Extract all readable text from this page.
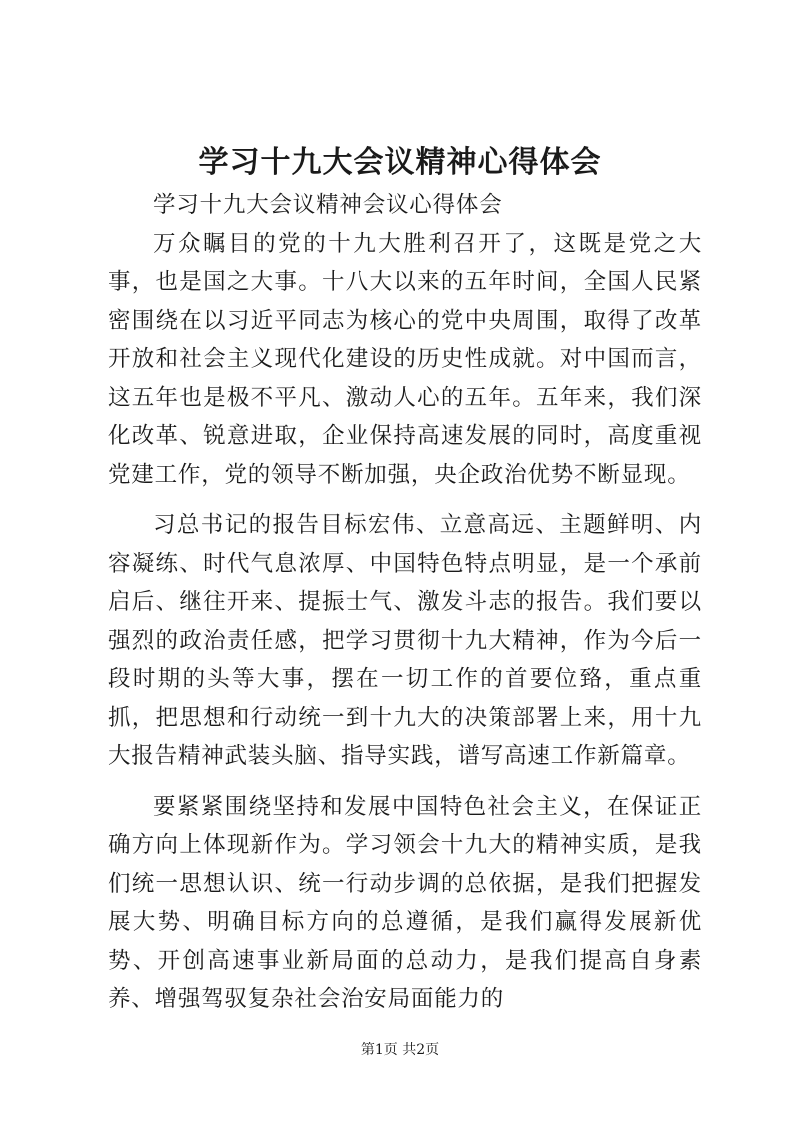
学习十九大会议精神心得体会

学习十九大会议精神会议心得体会

万众瞩目的党的十九大胜利召开了，这既是党之大事，也是国之大事。十八大以来的五年时间，全国人民紧密围绕在以习近平同志为核心的党中央周围，取得了改革开放和社会主义现代化建设的历史性成就。对中国而言，这五年也是极不平凡、激动人心的五年。五年来，我们深化改革、锐意进取，企业保持高速发展的同时，高度重视党建工作，党的领导不断加强，央企政治优势不断显现。

习总书记的报告目标宏伟、立意高远、主题鲜明、内容凝练、时代气息浓厚、中国特色特点明显，是一个承前启后、继往开来、提振士气、激发斗志的报告。我们要以强烈的政治责任感，把学习贯彻十九大精神，作为今后一段时期的头等大事，摆在一切工作的首要位臵，重点重抓，把思想和行动统一到十九大的决策部署上来，用十九大报告精神武装头脑、指导实践，谱写高速工作新篇章。

要紧紧围绕坚持和发展中国特色社会主义，在保证正确方向上体现新作为。学习领会十九大的精神实质，是我们统一思想认识、统一行动步调的总依据，是我们把握发展大势、明确目标方向的总遵循，是我们赢得发展新优势、开创高速事业新局面的总动力，是我们提高自身素养、增强驾驭复杂社会治安局面能力的

第1页 共2页
